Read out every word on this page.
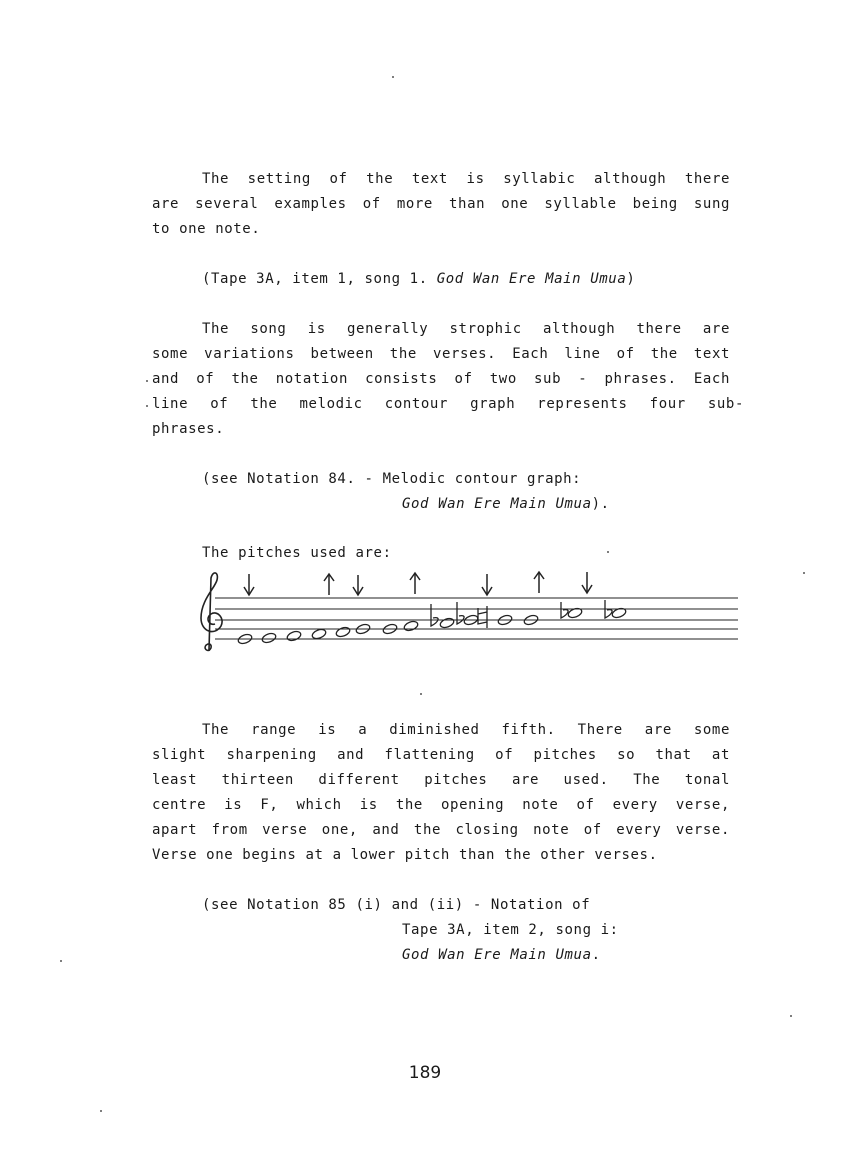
The setting of the text is syllabic although there
are several examples of more than one syllable being sung
to one note.
(Tape 3A, item 1, song 1. God Wan Ere Main Umua)
The song is generally strophic although there are
some variations between the verses. Each line of the text
and of the notation consists of two sub - phrases. Each
line of the melodic contour graph represents four sub-
phrases.
(see Notation 84. - Melodic contour graph:
God Wan Ere Main Umua).
The pitches used are:
The range is a diminished fifth. There are some
slight sharpening and flattening of pitches so that at
least thirteen different pitches are used. The tonal
centre is F, which is the opening note of every verse,
apart from verse one, and the closing note of every verse.
Verse one begins at a lower pitch than the other verses.
(see Notation 85 (i) and (ii) - Notation of
Tape 3A, item 2, song i:
God Wan Ere Main Umua.
189
